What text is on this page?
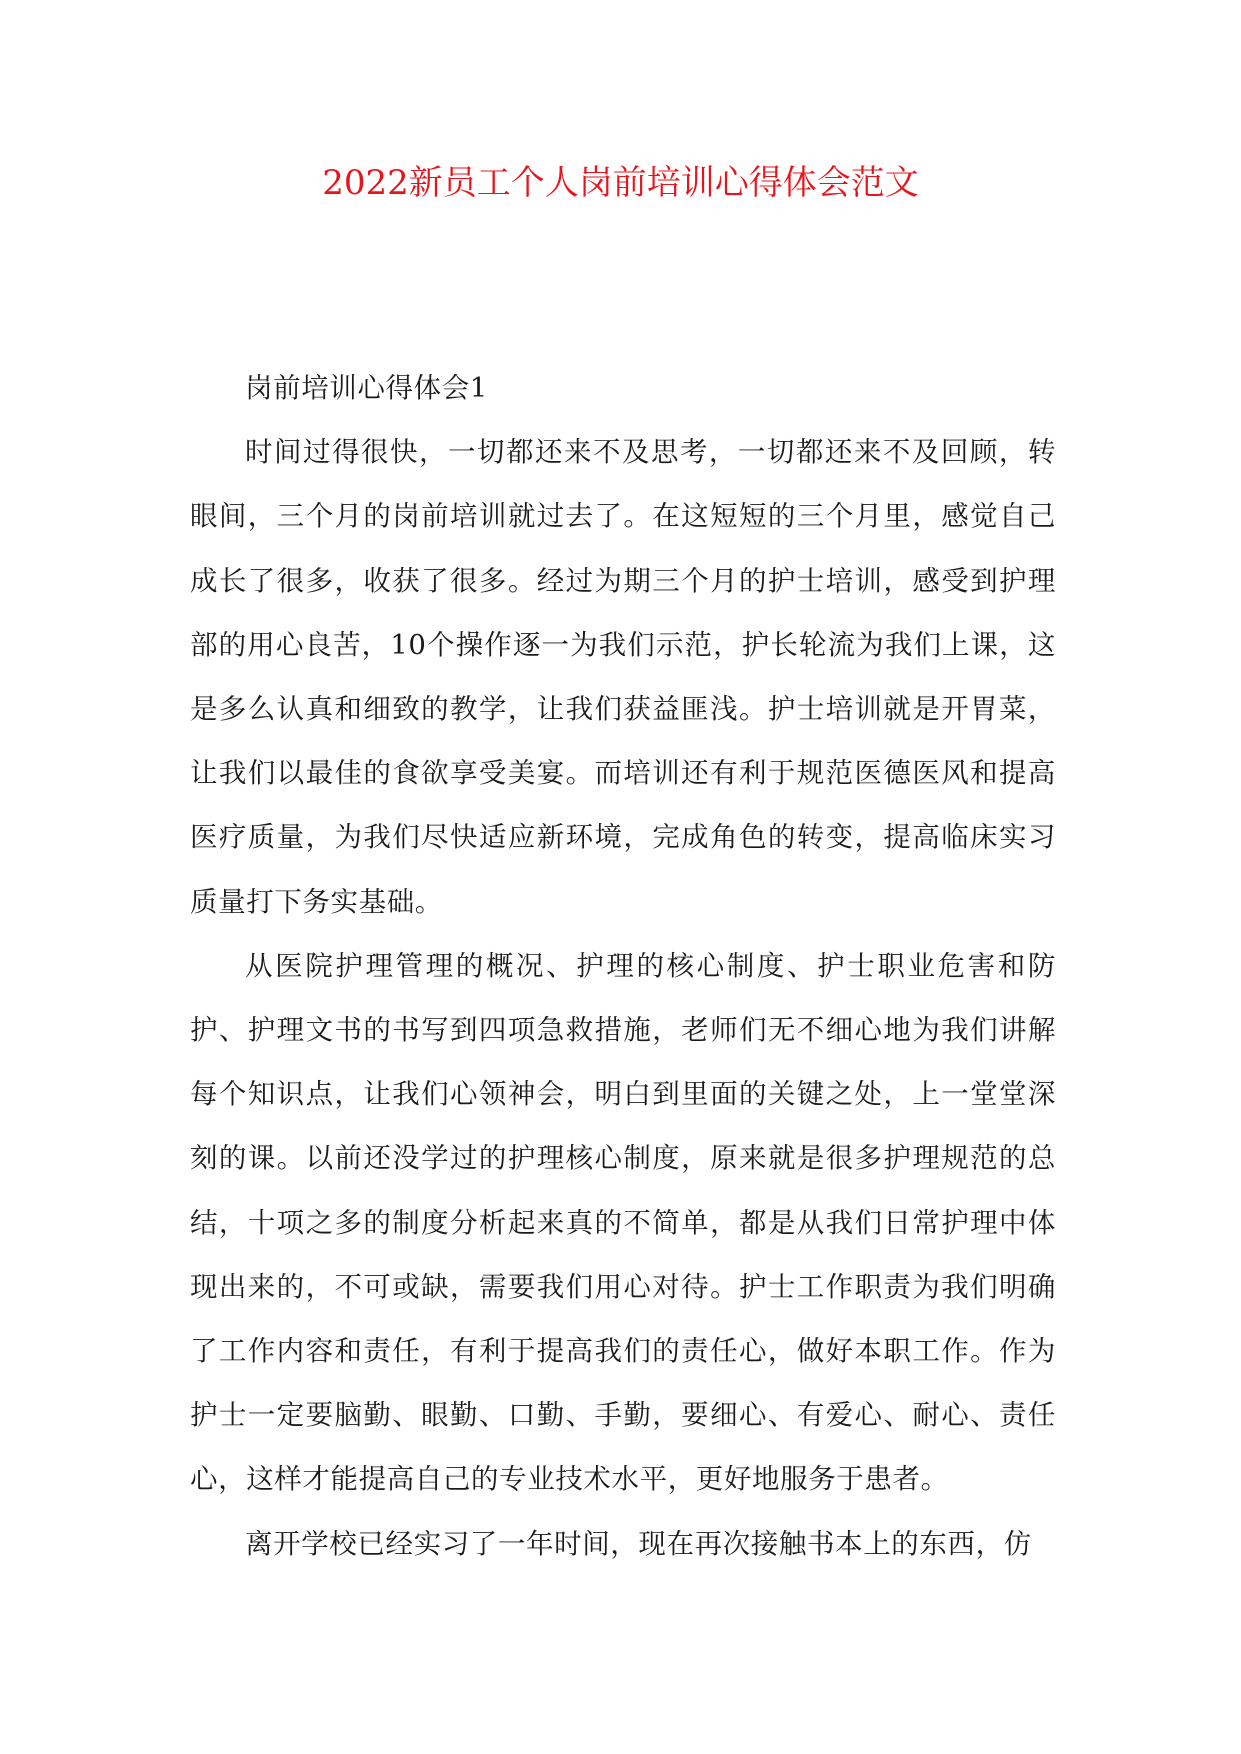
2022新员工个人岗前培训心得体会范文

岗前培训心得体会1

时间过得很快，一切都还来不及思考，一切都还来不及回顾，转眼间，三个月的岗前培训就过去了。在这短短的三个月里，感觉自己成长了很多，收获了很多。经过为期三个月的护士培训，感受到护理部的用心良苦，10个操作逐一为我们示范，护长轮流为我们上课，这是多么认真和细致的教学，让我们获益匪浅。护士培训就是开胃菜，让我们以最佳的食欲享受美宴。而培训还有利于规范医德医风和提高医疗质量，为我们尽快适应新环境，完成角色的转变，提高临床实习质量打下务实基础。

从医院护理管理的概况、护理的核心制度、护士职业危害和防护、护理文书的书写到四项急救措施，老师们无不细心地为我们讲解每个知识点，让我们心领神会，明白到里面的关键之处，上一堂堂深刻的课。以前还没学过的护理核心制度，原来就是很多护理规范的总结，十项之多的制度分析起来真的不简单，都是从我们日常护理中体现出来的，不可或缺，需要我们用心对待。护士工作职责为我们明确了工作内容和责任，有利于提高我们的责任心，做好本职工作。作为护士一定要脑勤、眼勤、口勤、手勤，要细心、有爱心、耐心、责任心，这样才能提高自己的专业技术水平，更好地服务于患者。

离开学校已经实习了一年时间，现在再次接触书本上的东西，仿
